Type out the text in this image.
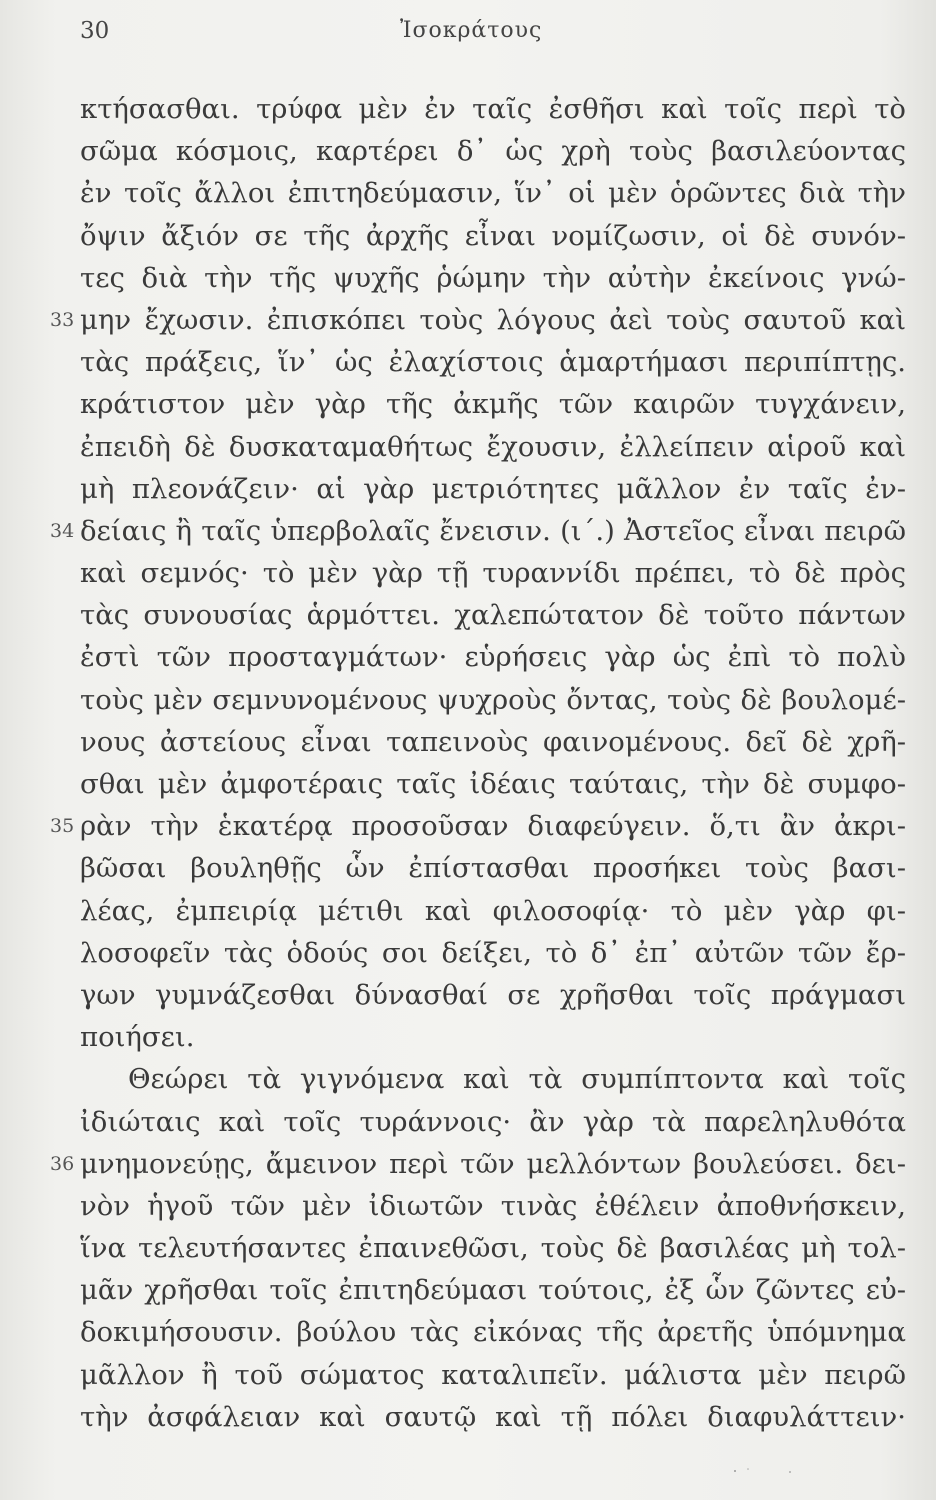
30	Ἰσοκράτους
κτήσασθαι. τρύφα μὲν ἐν ταῖς ἐσθῆσι καὶ τοῖς περὶ τὸ
σῶμα κόσμοις, καρτέρει δ᾽ ὡς χρὴ τοὺς βασιλεύοντας
ἐν τοῖς ἄλλοι ἐπιτηδεύμασιν, ἵν᾽ οἱ μὲν ὁρῶντες διὰ τὴν
ὄψιν ἄξιόν σε τῆς ἀρχῆς εἶναι νομίζωσιν, οἱ δὲ συνόν-
τες διὰ τὴν τῆς ψυχῆς ῥώμην τὴν αὐτὴν ἐκείνοις γνώ-
33 μην ἔχωσιν. ἐπισκόπει τοὺς λόγους ἀεὶ τοὺς σαυτοῦ καὶ
τὰς πράξεις, ἵν᾽ ὡς ἐλαχίστοις ἁμαρτήμασι περιπίπτῃς.
κράτιστον μὲν γὰρ τῆς ἀκμῆς τῶν καιρῶν τυγχάνειν,
ἐπειδὴ δὲ δυσκαταμαθήτως ἔχουσιν, ἐλλείπειν αἱροῦ καὶ
μὴ πλεονάζειν· αἱ γὰρ μετριότητες μᾶλλον ἐν ταῖς ἐν-
34 δείαις ἢ ταῖς ὑπερβολαῖς ἔνεισιν. (ι΄.) Ἀστεῖος εἶναι πειρῶ
καὶ σεμνός· τὸ μὲν γὰρ τῇ τυραννίδι πρέπει, τὸ δὲ πρὸς
τὰς συνουσίας ἁρμόττει. χαλεπώτατον δὲ τοῦτο πάντων
ἐστὶ τῶν προσταγμάτων· εὑρήσεις γὰρ ὡς ἐπὶ τὸ πολὺ
τοὺς μὲν σεμνυνομένους ψυχροὺς ὄντας, τοὺς δὲ βουλομέ-
νους ἀστείους εἶναι ταπεινοὺς φαινομένους. δεῖ δὲ χρῆ-
σθαι μὲν ἀμφοτέραις ταῖς ἰδέαις ταύταις, τὴν δὲ συμφο-
35 ρὰν τὴν ἑκατέρᾳ προσοῦσαν διαφεύγειν. ὅ,τι ἂν ἀκρι-
βῶσαι βουληθῇς ὧν ἐπίστασθαι προσήκει τοὺς βασι-
λέας, ἐμπειρίᾳ μέτιθι καὶ φιλοσοφίᾳ· τὸ μὲν γὰρ φι-
λοσοφεῖν τὰς ὁδούς σοι δείξει, τὸ δ᾽ ἐπ᾽ αὐτῶν τῶν ἔρ-
γων γυμνάζεσθαι δύνασθαί σε χρῆσθαι τοῖς πράγμασι
ποιήσει.
Θεώρει τὰ γιγνόμενα καὶ τὰ συμπίπτοντα καὶ τοῖς
ἰδιώταις καὶ τοῖς τυράννοις· ἂν γὰρ τὰ παρεληλυθότα
36 μνημονεύῃς, ἄμεινον περὶ τῶν μελλόντων βουλεύσει. δει-
νὸν ἡγοῦ τῶν μὲν ἰδιωτῶν τινὰς ἐθέλειν ἀποθνήσκειν,
ἵνα τελευτήσαντες ἐπαινεθῶσι, τοὺς δὲ βασιλέας μὴ τολ-
μᾶν χρῆσθαι τοῖς ἐπιτηδεύμασι τούτοις, ἐξ ὧν ζῶντες εὐ-
δοκιμήσουσιν. βούλου τὰς εἰκόνας τῆς ἀρετῆς ὑπόμνημα
μᾶλλον ἢ τοῦ σώματος καταλιπεῖν. μάλιστα μὲν πειρῶ
τὴν ἀσφάλειαν καὶ σαυτῷ καὶ τῇ πόλει διαφυλάττειν·
